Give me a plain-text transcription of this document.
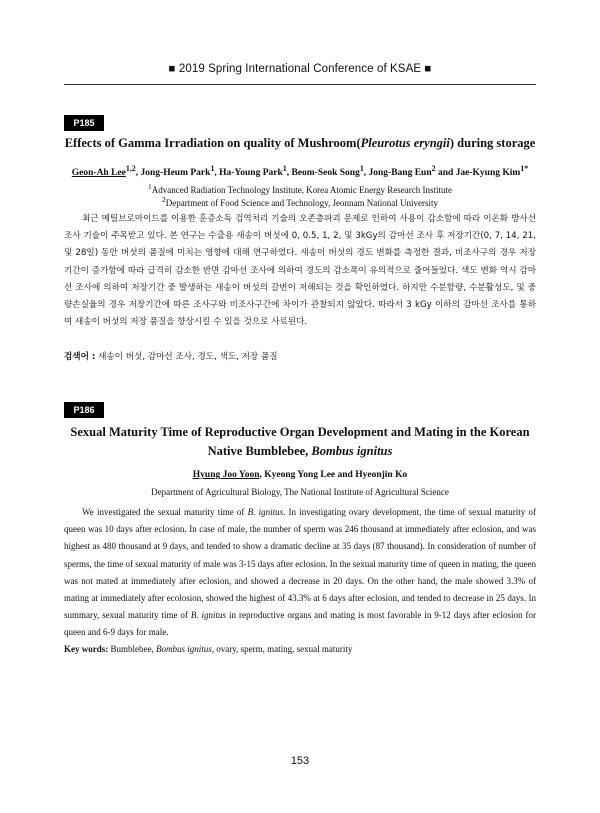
■ 2019 Spring International Conference of KSAE ■
P185
Effects of Gamma Irradiation on quality of Mushroom(Pleurotus eryngii) during storage
Geon-Ah Lee$^{1,2}$, Jong-Heum Park$^1$, Ha-Young Park$^1$, Beom-Seok Song$^1$, Jong-Bang Eun$^2$ and Jae-Kyung Kim$^{1*}$
$^1$Advanced Radiation Technology Institute, Korea Atomic Energy Research Institute
$^2$Department of Food Science and Technology, Jeonnam National University
최근 메틸브로마이드를 이용한 훈증소독 검역처리 기술의 오존층파괴 문제로 인하여 사용이 감소함에 따라 이온화 방사선 조사 기술이 주목받고 있다. 본 연구는 수출용 새송이 버섯에 0, 0.5, 1, 2, 및 3kGy의 감마선 조사 후 저장기간(0, 7, 14, 21, 및 28일) 동안 버섯의 품질에 미치는 영향에 대해 연구하였다. 새송이 버섯의 경도 변화를 측정한 결과, 비조사구의 경우 저장기간이 증가함에 따라 급격히 감소한 반면 감마선 조사에 의하여 경도의 감소폭이 유의적으로 줄어들었다. 색도 변화 역시 감마선 조사에 의하여 저장기간 중 발생하는 새송이 버섯의 갈변이 저해되는 것을 확인하였다. 하지만 수분함량, 수분활성도, 및 중량손실율의 경우 저장기간에 따른 조사구와 비조사구간에 차이가 관찰되지 않았다. 따라서 3 kGy 이하의 감마선 조사를 통하여 새송이 버섯의 저장 품질을 향상시킬 수 있을 것으로 사료된다.
검색어 : 새송이 버섯, 감마선 조사, 경도, 색도, 저장 품질
P186
Sexual Maturity Time of Reproductive Organ Development and Mating in the Korean
Native Bumblebee, Bombus ignitus
Hyung Joo Yoon, Kyeong Yong Lee and Hyeonjin Ko
Department of Agricultural Biology, The National Institute of Agricultural Science
We investigated the sexual maturity time of B. ignitus. In investigating ovary development, the time of sexual maturity of queen was 10 days after eclosion. In case of male, the number of sperm was 246 thousand at immediately after eclosion, and was highest as 480 thousand at 9 days, and tended to show a dramatic decline at 35 days (87 thousand). In consideration of number of sperms, the time of sexual maturity of male was 3-15 days after eclosion. In the sexual maturity time of queen in mating, the queen was not mated at immediately after eclosion, and showed a decrease in 20 days. On the other hand, the male showed 3.3% of mating at immediately after ecolosion, showed the highest of 43.3% at 6 days after eclosion, and tended to decrease in 25 days. In summary, sexual maturity time of B. ignitus in reproductive organs and mating is most favorable in 9-12 days after eclosion for queen and 6-9 days for male.
Key words: Bumblebee, Bombus ignitus, ovary, sperm, mating, sexual maturity
153
